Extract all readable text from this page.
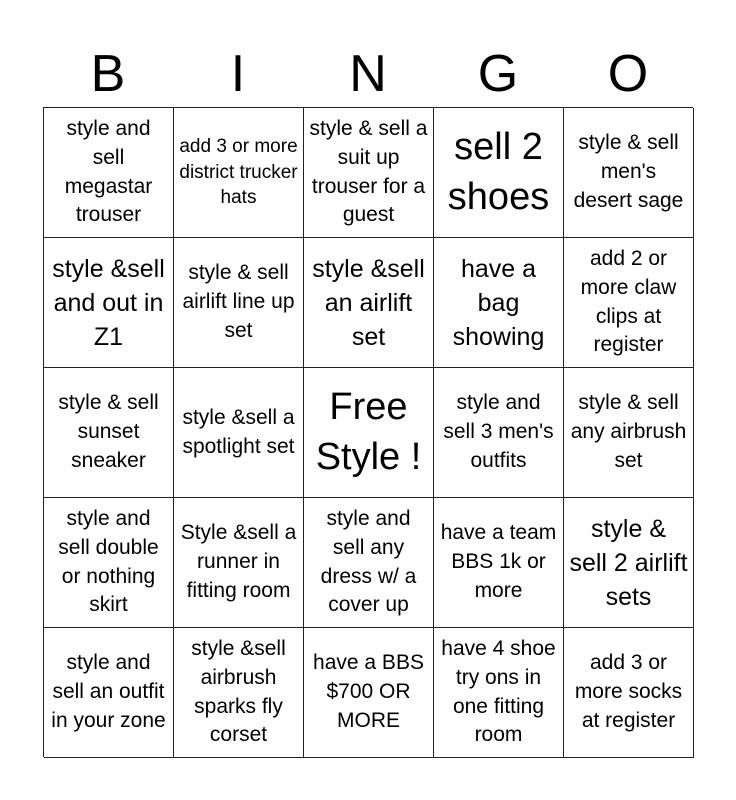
B	I	N	G	O
style and sell megastar trouser
add 3 or more district trucker hats
style & sell a suit up trouser for a guest
sell 2 shoes
style & sell men's desert sage
style &sell and out in Z1
style & sell airlift line up set
style &sell an airlift set
have a bag showing
add 2 or more claw clips at register
style & sell sunset sneaker
style &sell a spotlight set
Free Style !
style and sell 3 men's outfits
style & sell any airbrush set
style and sell double or nothing skirt
Style &sell a runner in fitting room
style and sell any dress w/ a cover up
have a team BBS 1k or more
style & sell 2 airlift sets
style and sell an outfit in your zone
style &sell airbrush sparks fly corset
have a BBS $700 OR MORE
have 4 shoe try ons in one fitting room
add 3 or more socks at register
